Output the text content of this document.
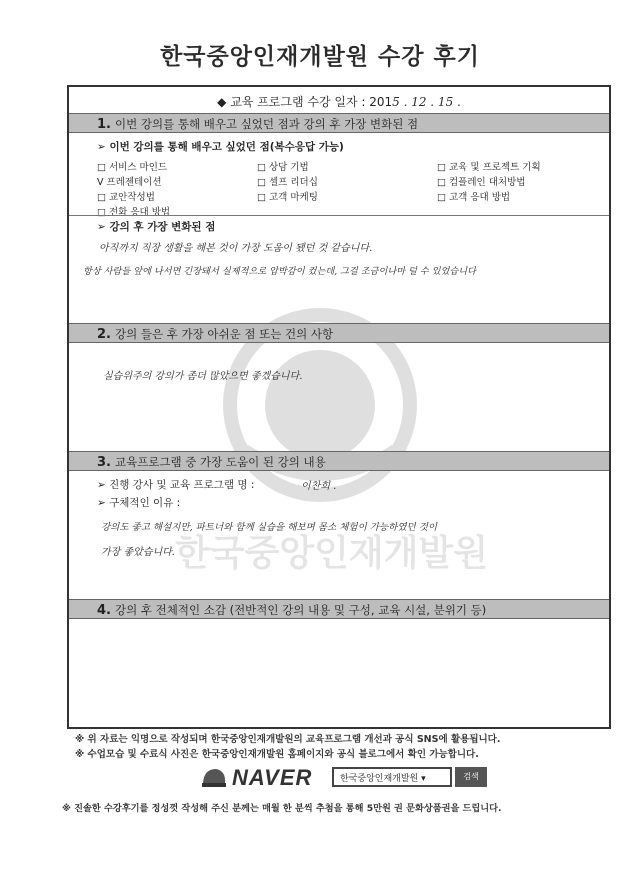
한국중앙인재개발원 수강 후기
한국중앙인재개발원
◆ 교육 프로그램 수강 일자 : 2015 . 12 . 15 .
1. 이번 강의를 통해 배우고 싶었던 점과 강의 후 가장 변화된 점
➢ 이번 강의를 통해 배우고 싶었던 점(복수응답 가능)
□ 서비스 마인드	□ 상담 기법	□ 교육 및 프로젝트 기획
V 프레젠테이션	□ 셀프 리더십	□ 컴플레인 대처방법
□ 교안작성법	□ 고객 마케팅	□ 고객 응대 방법
□ 전화 응대 방법
➢ 강의 후 가장 변화된 점
아직까지 직장 생활을 해본 것이 가장 도움이 됐던 것 같습니다.
항상 사람들 앞에 나서면 긴장돼서 실제적으로 압박감이 컸는데, 그걸 조금이나마 덜 수 있었습니다
2. 강의 들은 후 가장 아쉬운 점 또는 건의 사항
실습위주의 강의가 좀더 많았으면 좋겠습니다.
3. 교육프로그램 중 가장 도움이 된 강의 내용
➢ 진행 강사 및 교육 프로그램 명 :	이찬희 .
➢ 구체적인 이유 :
강의도 좋고 해설지만, 파트너와 함께 실습을 해보며 몸소 체험이 가능하였던 것이
가장 좋았습니다.
4. 강의 후 전체적인 소감 (전반적인 강의 내용 및 구성, 교육 시설, 분위기 등)
※ 위 자료는 익명으로 작성되며 한국중앙인재개발원의 교육프로그램 개선과 공식 SNS에 활용됩니다.
※ 수업모습 및 수료식 사진은 한국중앙인재개발원 홈페이지와 공식 블로그에서 확인 가능합니다.
NAVER	한국중앙인재개발원 ▾	검색
※ 진솔한 수강후기를 정성껏 작성해 주신 분께는 매월 한 분씩 추첨을 통해 5만원 권 문화상품권을 드립니다.
